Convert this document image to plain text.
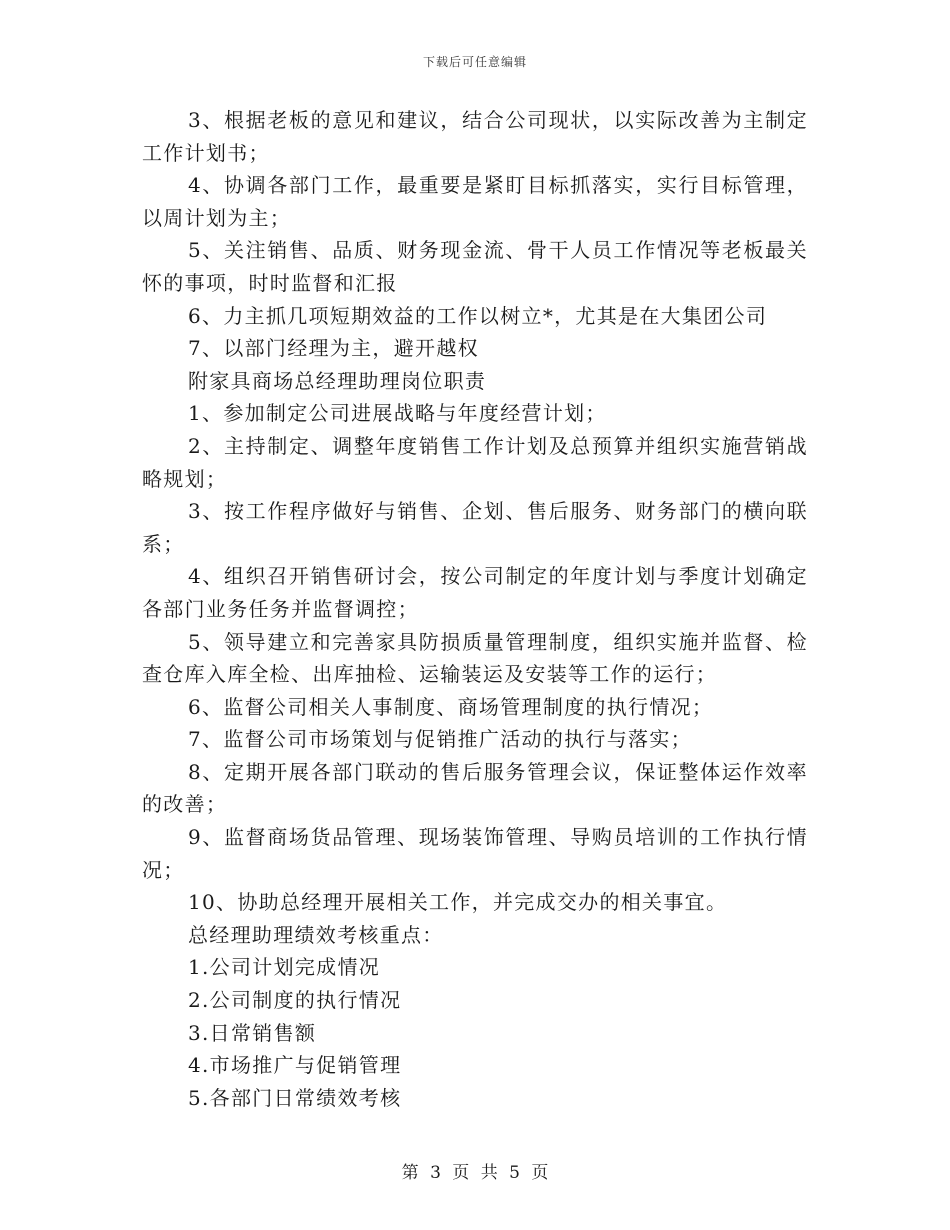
下载后可任意编辑

3、根据老板的意见和建议，结合公司现状，以实际改善为主制定工作计划书；

4、协调各部门工作，最重要是紧盯目标抓落实，实行目标管理，以周计划为主；

5、关注销售、品质、财务现金流、骨干人员工作情况等老板最关怀的事项，时时监督和汇报

6、力主抓几项短期效益的工作以树立*，尤其是在大集团公司

7、以部门经理为主，避开越权

附家具商场总经理助理岗位职责

1、参加制定公司进展战略与年度经营计划；

2、主持制定、调整年度销售工作计划及总预算并组织实施营销战略规划；

3、按工作程序做好与销售、企划、售后服务、财务部门的横向联系；

4、组织召开销售研讨会，按公司制定的年度计划与季度计划确定各部门业务任务并监督调控；

5、领导建立和完善家具防损质量管理制度，组织实施并监督、检查仓库入库全检、出库抽检、运输装运及安装等工作的运行；

6、监督公司相关人事制度、商场管理制度的执行情况；

7、监督公司市场策划与促销推广活动的执行与落实；

8、定期开展各部门联动的售后服务管理会议，保证整体运作效率的改善；

9、监督商场货品管理、现场装饰管理、导购员培训的工作执行情况；

10、协助总经理开展相关工作，并完成交办的相关事宜。

总经理助理绩效考核重点：

1.公司计划完成情况

2.公司制度的执行情况

3.日常销售额

4.市场推广与促销管理

5.各部门日常绩效考核

第 3 页 共 5 页
